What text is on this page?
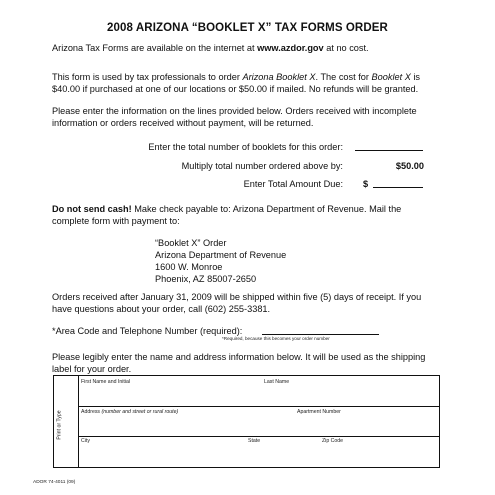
2008 ARIZONA “BOOKLET X” TAX FORMS ORDER
Arizona Tax Forms are available on the internet at www.azdor.gov at no cost.
This form is used by tax professionals to order Arizona Booklet X. The cost for Booklet X is
$40.00 if purchased at one of our locations or $50.00 if mailed. No refunds will be granted.
Please enter the information on the lines provided below. Orders received with incomplete
information or orders received without payment, will be returned.
Enter the total number of booklets for this order:
Multiply total number ordered above by:	$50.00
Enter Total Amount Due: $
Do not send cash! Make check payable to: Arizona Department of Revenue. Mail the
complete form with payment to:
“Booklet X” Order
Arizona Department of Revenue
1600 W. Monroe
Phoenix, AZ 85007-2650
Orders received after January 31, 2009 will be shipped within five (5) days of receipt. If you
have questions about your order, call (602) 255-3381.
*Area Code and Telephone Number (required):
*Required, because this becomes your order number
Please legibly enter the name and address information below. It will be used as the shipping
label for your order.
Print or Type
First Name and Initial	Last Name
Address (number and street or rural route)	Apartment Number
City	State	Zip Code
ADOR 74-4011 (09)
